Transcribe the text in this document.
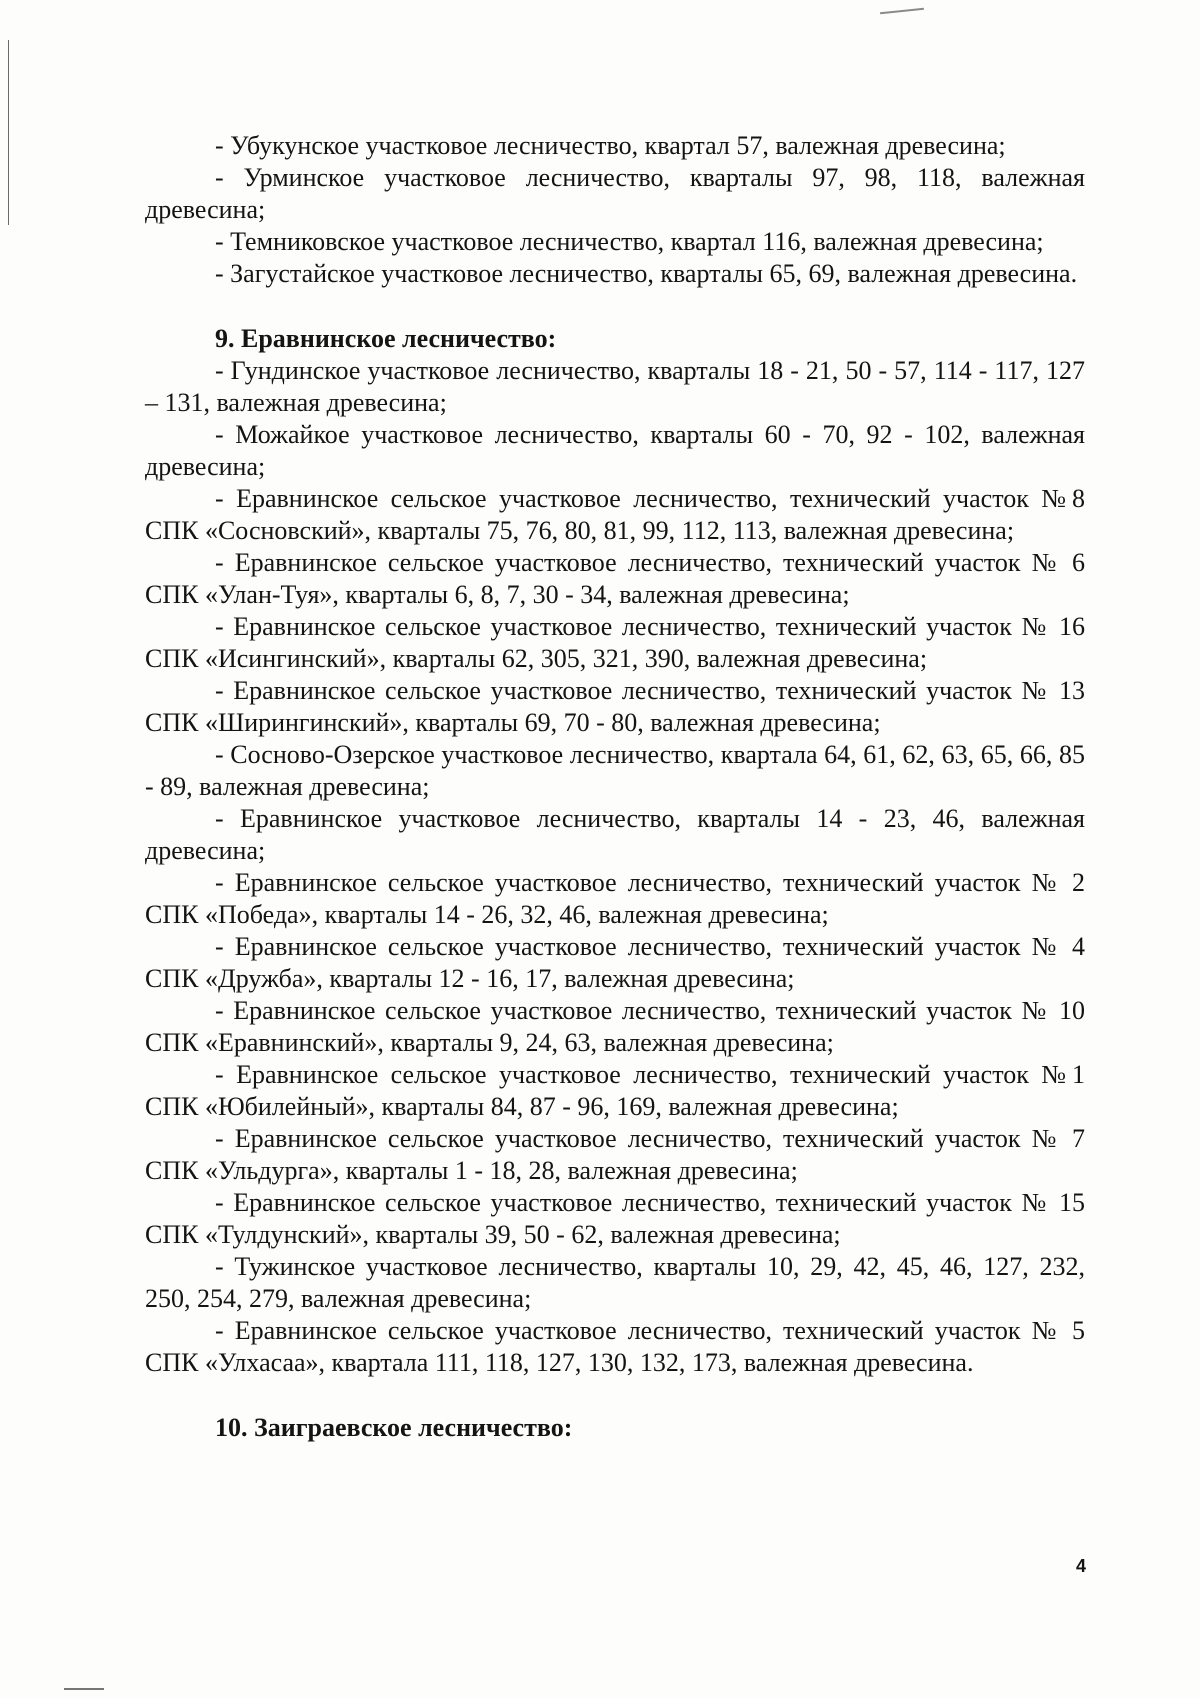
- Убукунское участковое лесничество, квартал 57, валежная древесина;

- Урминское участковое лесничество, кварталы 97, 98, 118, валежная древесина;

- Темниковское участковое лесничество, квартал 116, валежная древесина;

- Загустайское участковое лесничество, кварталы 65, 69, валежная древесина.

9. Еравнинское лесничество:

- Гундинское участковое лесничество, кварталы 18 - 21, 50 - 57, 114 - 117, 127 – 131, валежная древесина;

- Можайкое участковое лесничество, кварталы 60 - 70, 92 - 102, валежная древесина;

- Еравнинское сельское участковое лесничество, технический участок №8 СПК «Сосновский», кварталы 75, 76, 80, 81, 99, 112, 113, валежная древесина;

- Еравнинское сельское участковое лесничество, технический участок № 6 СПК «Улан-Туя», кварталы 6, 8, 7, 30 - 34, валежная древесина;

- Еравнинское сельское участковое лесничество, технический участок № 16 СПК «Исингинский», кварталы 62, 305, 321, 390, валежная древесина;

- Еравнинское сельское участковое лесничество, технический участок № 13 СПК «Ширингинский», кварталы 69, 70 - 80, валежная древесина;

- Сосново-Озерское участковое лесничество, квартала 64, 61, 62, 63, 65, 66, 85 - 89, валежная древесина;

- Еравнинское участковое лесничество, кварталы 14 - 23, 46, валежная древесина;

- Еравнинское сельское участковое лесничество, технический участок № 2 СПК «Победа», кварталы 14 - 26, 32, 46, валежная древесина;

- Еравнинское сельское участковое лесничество, технический участок № 4 СПК «Дружба», кварталы 12 - 16, 17, валежная древесина;

- Еравнинское сельское участковое лесничество, технический участок № 10 СПК «Еравнинский», кварталы 9, 24, 63, валежная древесина;

- Еравнинское сельское участковое лесничество, технический участок №1 СПК «Юбилейный», кварталы 84, 87 - 96, 169, валежная древесина;

- Еравнинское сельское участковое лесничество, технический участок № 7 СПК «Ульдурга», кварталы 1 - 18, 28, валежная древесина;

- Еравнинское сельское участковое лесничество, технический участок № 15 СПК «Тулдунский», кварталы 39, 50 - 62, валежная древесина;

- Тужинское участковое лесничество, кварталы 10, 29, 42, 45, 46, 127, 232, 250, 254, 279, валежная древесина;

- Еравнинское сельское участковое лесничество, технический участок № 5 СПК «Улхасаа», квартала 111, 118, 127, 130, 132, 173, валежная древесина.

10. Заиграевское лесничество:

4
